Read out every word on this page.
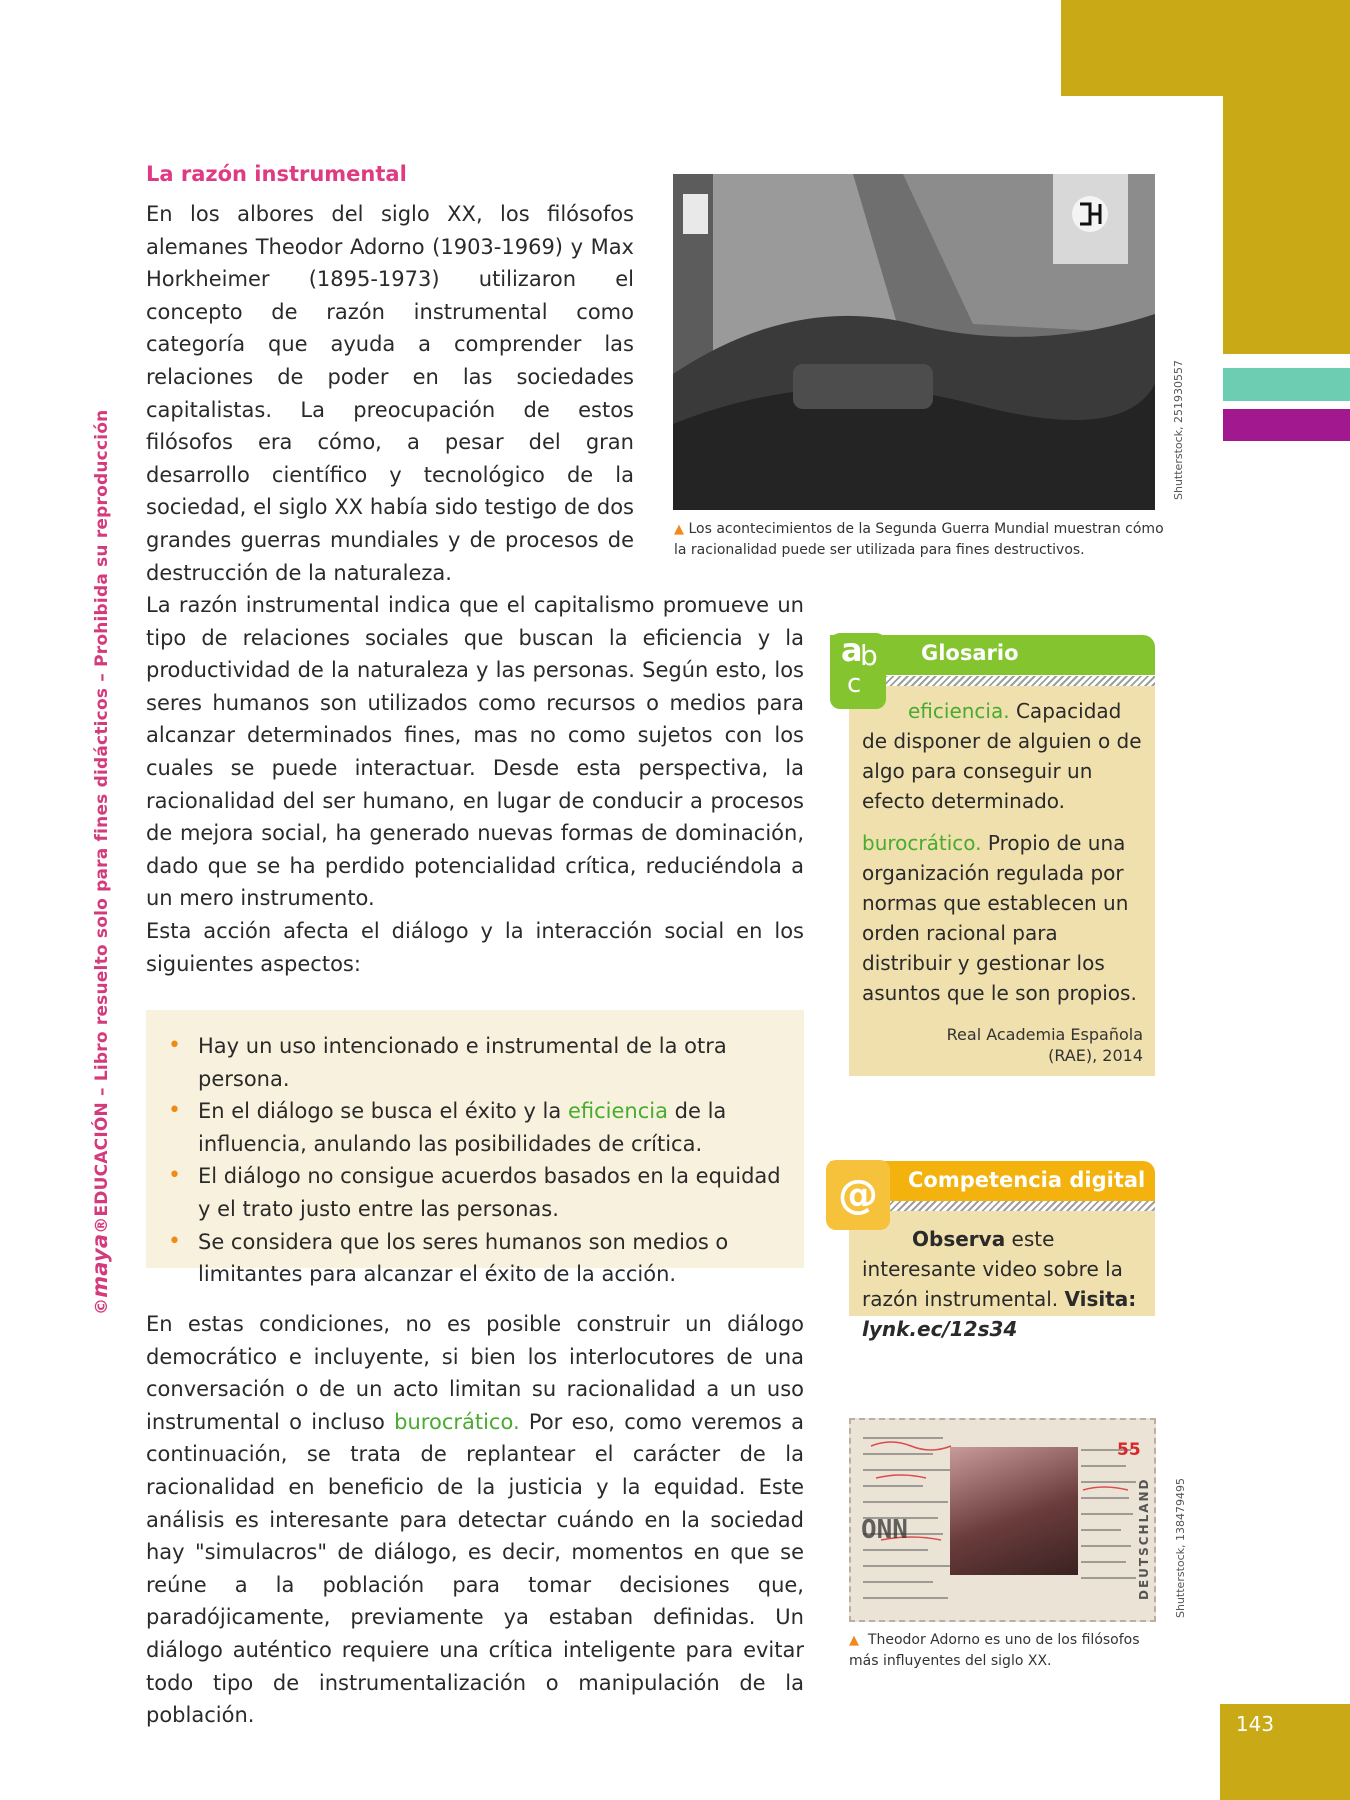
©maya®EDUCACIÓN – Libro resuelto solo para fines didácticos – Prohibida su reproducción
La razón instrumental
En los albores del siglo XX, los filósofos alemanes Theodor Adorno (1903-1969) y Max Horkheimer (1895-1973) utilizaron el concepto de razón instrumental como categoría que ayuda a comprender las relaciones de poder en las sociedades capitalistas. La preocupación de estos filósofos era cómo, a pesar del gran desarrollo científico y tecnológico de la sociedad, el siglo XX había sido testigo de dos grandes guerras mundiales y de procesos de destrucción de la naturaleza.
Shutterstock, 251930557
▲ Los acontecimientos de la Segunda Guerra Mundial muestran cómo la racionalidad puede ser utilizada para fines destructivos.
La razón instrumental indica que el capitalismo promueve un tipo de relaciones sociales que buscan la eficiencia y la productividad de la naturaleza y las personas. Según esto, los seres humanos son utilizados como recursos o medios para alcanzar determinados fines, mas no como sujetos con los cuales se puede interactuar. Desde esta perspectiva, la racionalidad del ser humano, en lugar de conducir a procesos de mejora social, ha generado nuevas formas de dominación, dado que se ha perdido potencialidad crítica, reduciéndola a un mero instrumento.
Esta acción afecta el diálogo y la interacción social en los siguientes aspectos:
• Hay un uso intencionado e instrumental de la otra persona.
• En el diálogo se busca el éxito y la eficiencia de la influencia, anulando las posibilidades de crítica.
• El diálogo no consigue acuerdos basados en la equidad y el trato justo entre las personas.
• Se considera que los seres humanos son medios o limitantes para alcanzar el éxito de la acción.
En estas condiciones, no es posible construir un diálogo democrático e incluyente, si bien los interlocutores de una conversación o de un acto limitan su racionalidad a un uso instrumental o incluso burocrático. Por eso, como veremos a continuación, se trata de replantear el carácter de la racionalidad en beneficio de la justicia y la equidad. Este análisis es interesante para detectar cuándo en la sociedad hay "simulacros" de diálogo, es decir, momentos en que se reúne a la población para tomar decisiones que, paradójicamente, previamente ya estaban definidas. Un diálogo auténtico requiere una crítica inteligente para evitar todo tipo de instrumentalización o manipulación de la población.
a
b
c
Glosario
eficiencia. Capacidad de disponer de alguien o de algo para conseguir un efecto determinado.
burocrático. Propio de una organización regulada por normas que establecen un orden racional para distribuir y gestionar los asuntos que le son propios.
Real Academia Española
(RAE), 2014
@	Competencia digital
Observa este interesante video sobre la razón instrumental. Visita: lynk.ec/12s34
ONN
55
DEUTSCHLAND Shutterstock, 138479495
▲ Theodor Adorno es uno de los filósofos más influyentes del siglo XX.
143
